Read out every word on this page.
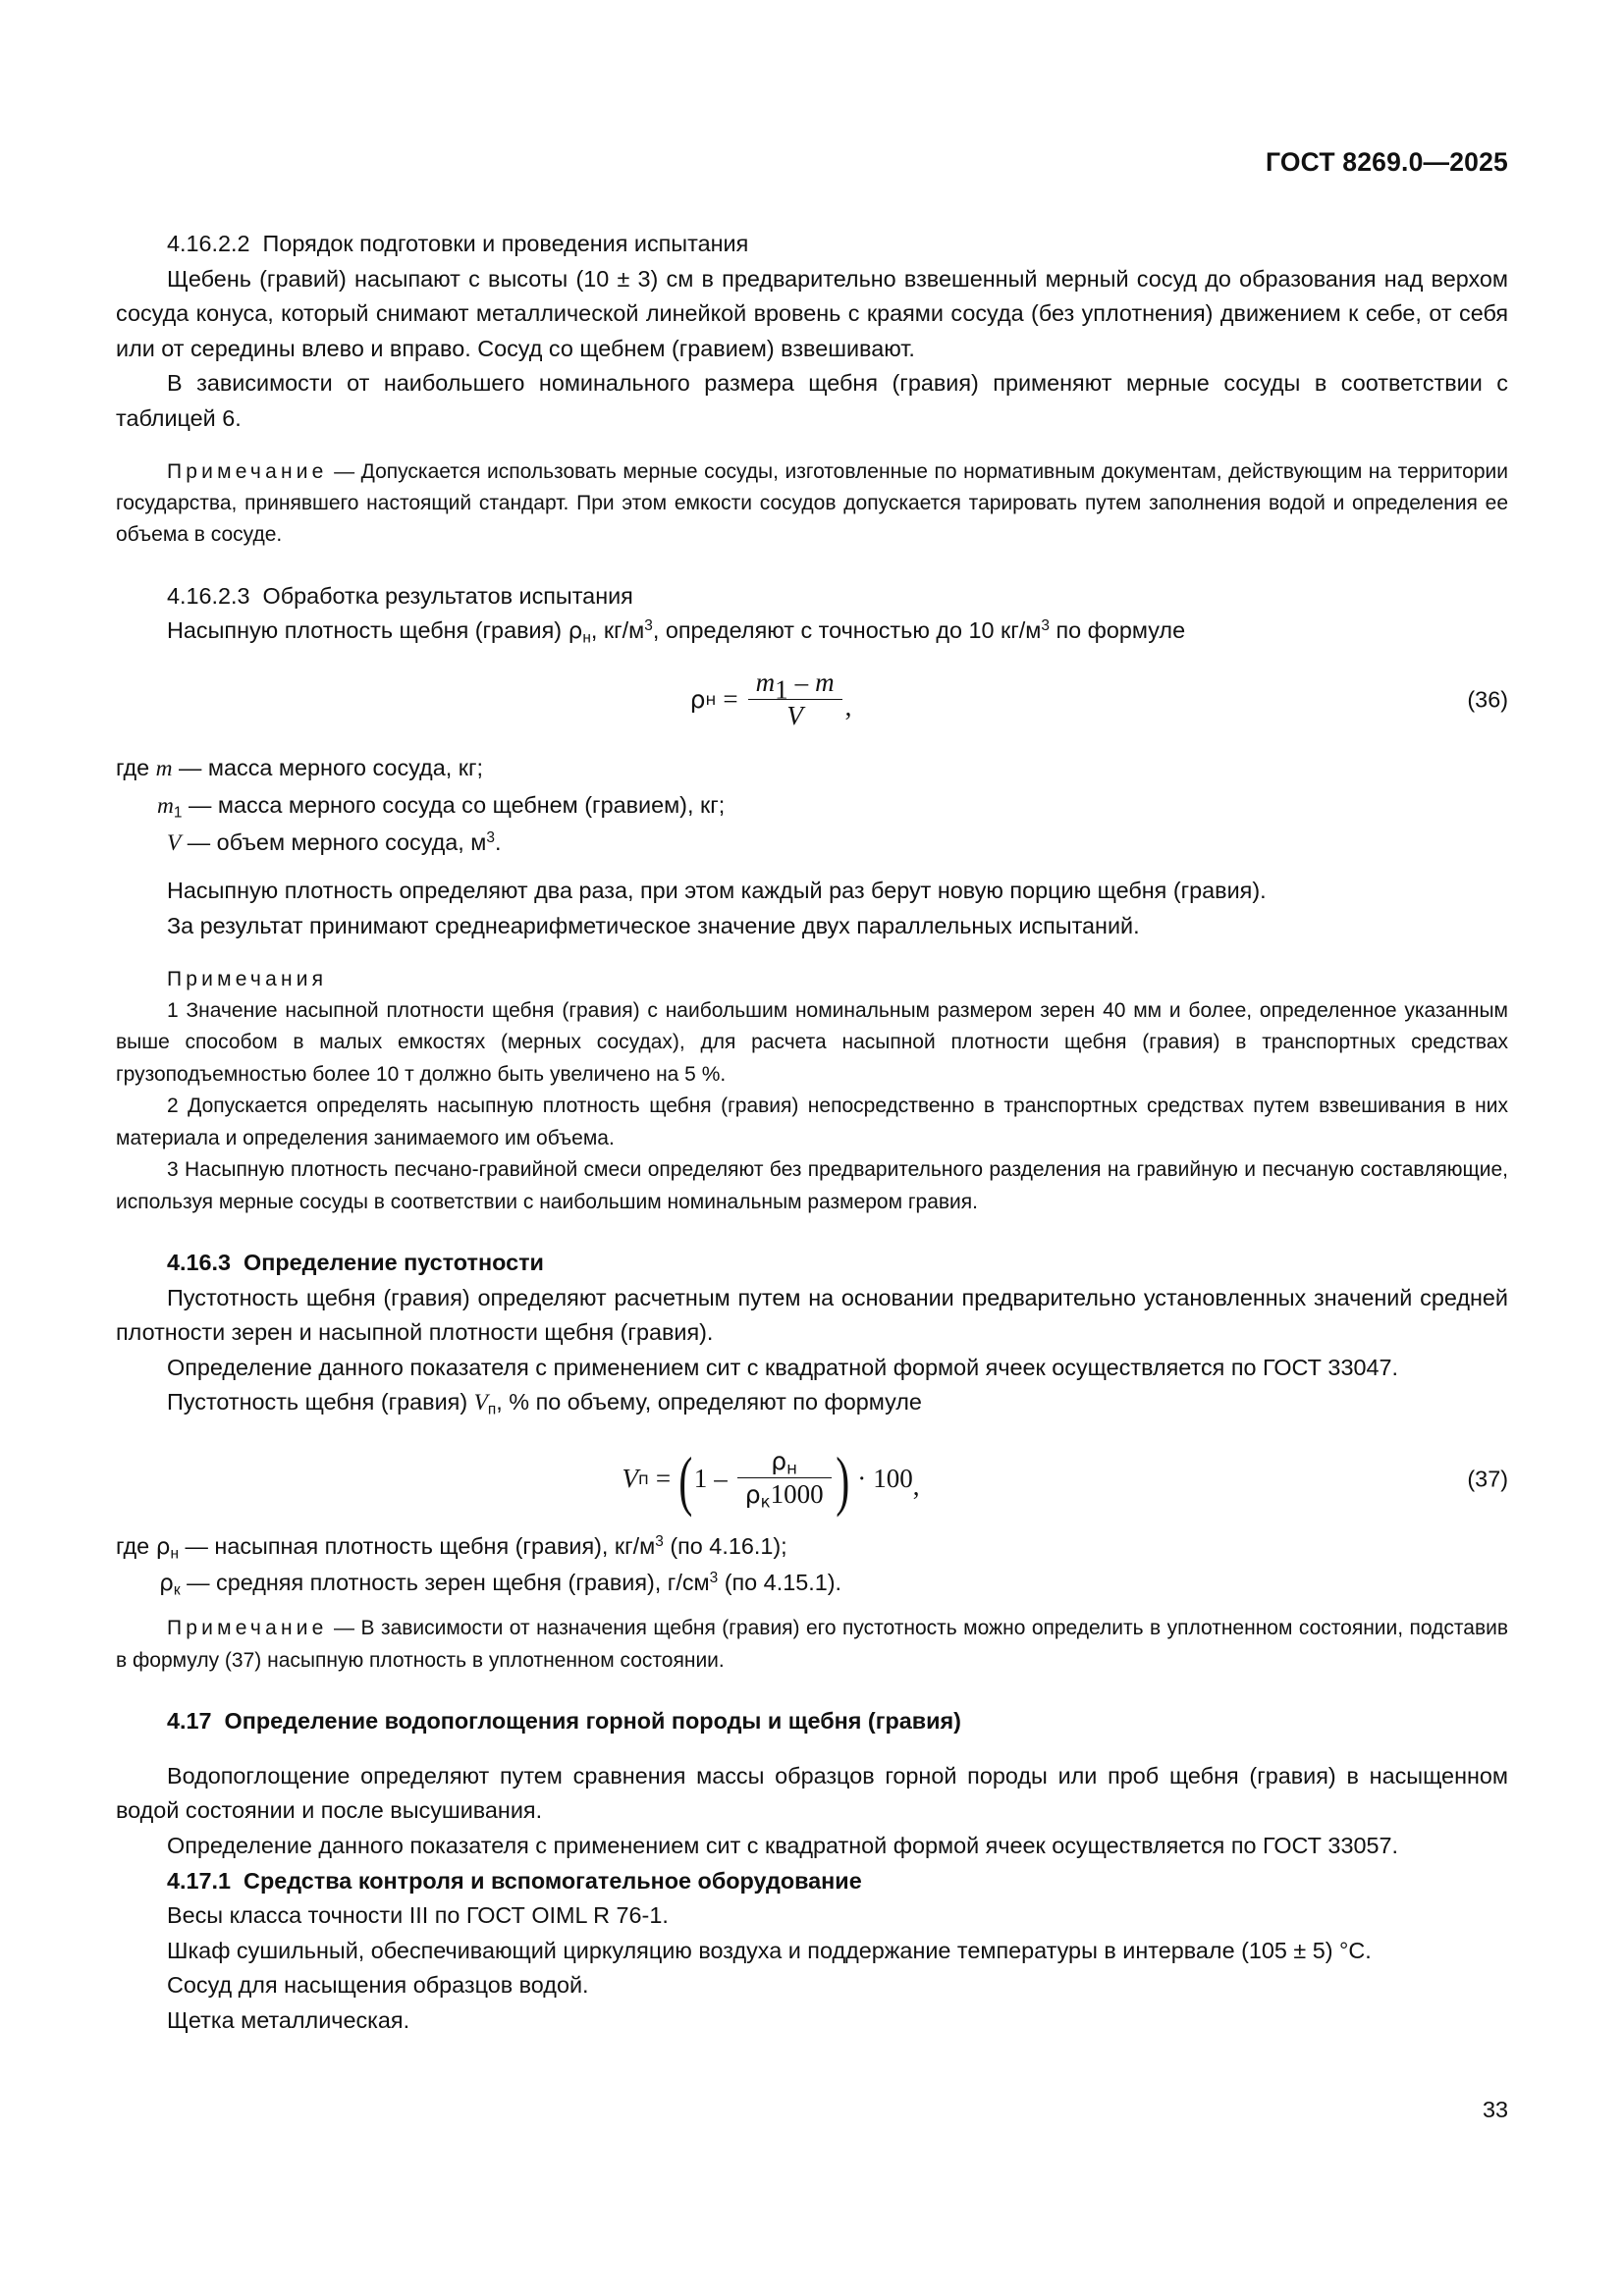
ГОСТ 8269.0—2025

4.16.2.2 Порядок подготовки и проведения испытания

Щебень (гравий) насыпают с высоты (10 ± 3) см в предварительно взвешенный мерный сосуд до образования над верхом сосуда конуса, который снимают металлической линейкой вровень с краями сосуда (без уплотнения) движением к себе, от себя или от середины влево и вправо. Сосуд со щебнем (гравием) взвешивают.

В зависимости от наибольшего номинального размера щебня (гравия) применяют мерные сосуды в соответствии с таблицей 6.

Примечание — Допускается использовать мерные сосуды, изготовленные по нормативным документам, действующим на территории государства, принявшего настоящий стандарт. При этом емкости сосудов допускается тарировать путем заполнения водой и определения ее объема в сосуде.

4.16.2.3 Обработка результатов испытания

Насыпную плотность щебня (гравия) $\rho_н$, $кг/м^3$, определяют с точностью до 10 $кг/м^3$ по формуле

ρ $н = \frac{m_1 - m}{V}$ ,	(36)
где m — масса мерного сосуда, кг;
$m_1$ — масса мерного сосуда со щебнем (гравием), кг;
V — объем мерного сосуда, $м^3$.

Насыпную плотность определяют два раза, при этом каждый раз берут новую порцию щебня (гравия).

За результат принимают среднеарифметическое значение двух параллельных испытаний.

Примечания

1 Значение насыпной плотности щебня (гравия) с наибольшим номинальным размером зерен 40 мм и более, определенное указанным выше способом в малых емкостях (мерных сосудах), для расчета насыпной плотности щебня (гравия) в транспортных средствах грузоподъемностью более 10 т должно быть увеличено на 5 %.

2 Допускается определять насыпную плотность щебня (гравия) непосредственно в транспортных средствах путем взвешивания в них материала и определения занимаемого им объема.

3 Насыпную плотность песчано-гравийной смеси определяют без предварительного разделения на гравийную и песчаную составляющие, используя мерные сосуды в соответствии с наибольшим номинальным размером гравия.

4.16.3 Определение пустотности

Пустотность щебня (гравия) определяют расчетным путем на основании предварительно установленных значений средней плотности зерен и насыпной плотности щебня (гравия).

Определение данного показателя с применением сит с квадратной формой ячеек осуществляется по ГОСТ 33047.

Пустотность щебня (гравия) $V_п$, % по объему, определяют по формуле

V п = ( $1 - \frac{\rho_н}{\rho_к1000}$ ) · 100 ,	(37)
где $\rho_н$ — насыпная плотность щебня (гравия), $кг/м^3$ (по 4.16.1);
$\rho_к$ — средняя плотность зерен щебня (гравия), $г/см^3$ (по 4.15.1).

Примечание — В зависимости от назначения щебня (гравия) его пустотность можно определить в уплотненном состоянии, подставив в формулу (37) насыпную плотность в уплотненном состоянии.

4.17 Определение водопоглощения горной породы и щебня (гравия)

Водопоглощение определяют путем сравнения массы образцов горной породы или проб щебня (гравия) в насыщенном водой состоянии и после высушивания.

Определение данного показателя с применением сит с квадратной формой ячеек осуществляется по ГОСТ 33057.

4.17.1 Средства контроля и вспомогательное оборудование

Весы класса точности III по ГОСТ OIML R 76-1.

Шкаф сушильный, обеспечивающий циркуляцию воздуха и поддержание температуры в интервале (105 ± 5) °C.

Сосуд для насыщения образцов водой.

Щетка металлическая.

33
